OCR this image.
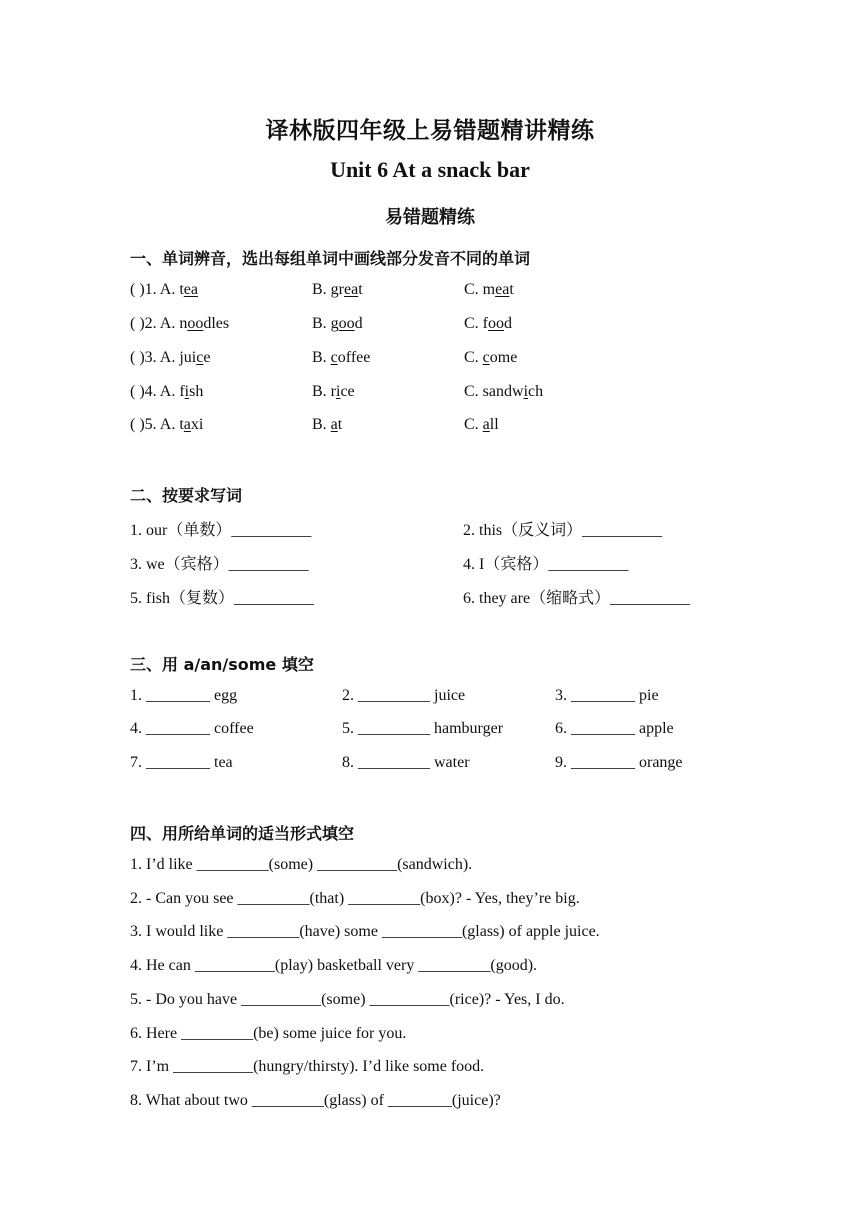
译林版四年级上易错题精讲精练
Unit 6 At a snack bar
易错题精练
一、单词辨音，选出每组单词中画线部分发音不同的单词
( )1. A. tea	B. great	C. meat
( )2. A. noodles	B. good	C. food
( )3. A. juice	B. coffee	C. come
( )4. A. fish	B. rice	C. sandwich
( )5. A. taxi	B. at	C. all
二、按要求写词
1. our（单数）__________	2. this（反义词）__________
3. we（宾格）__________	4. I（宾格）__________
5. fish（复数）__________	6. they are（缩略式）__________
三、用 a/an/some 填空
1. ________ egg	2. _________ juice	3. ________ pie
4. ________ coffee	5. _________ hamburger	6. ________ apple
7. ________ tea	8. _________ water	9. ________ orange
四、用所给单词的适当形式填空
1. I’d like _________(some) __________(sandwich).
2. - Can you see _________(that) _________(box)? - Yes, they’re big.
3. I would like _________(have) some __________(glass) of apple juice.
4. He can __________(play) basketball very _________(good).
5. - Do you have __________(some) __________(rice)? - Yes, I do.
6. Here _________(be) some juice for you.
7. I’m __________(hungry/thirsty). I’d like some food.
8. What about two _________(glass) of ________(juice)?
